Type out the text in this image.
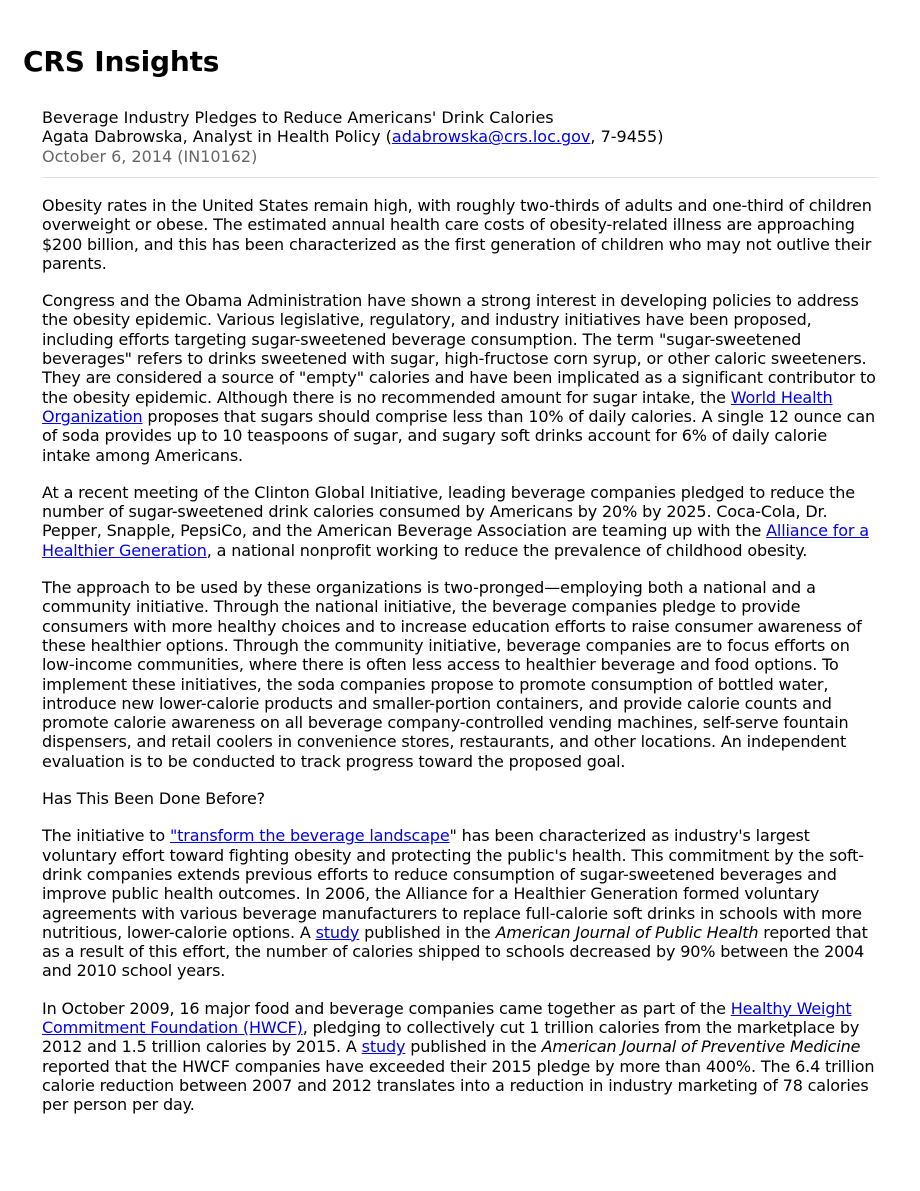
CRS Insights
Beverage Industry Pledges to Reduce Americans' Drink Calories
Agata Dabrowska, Analyst in Health Policy (adabrowska@crs.loc.gov, 7-9455)
October 6, 2014 (IN10162)

Obesity rates in the United States remain high, with roughly two-thirds of adults and one-third of children overweight or obese. The estimated annual health care costs of obesity-related illness are approaching $200 billion, and this has been characterized as the first generation of children who may not outlive their parents.

Congress and the Obama Administration have shown a strong interest in developing policies to address the obesity epidemic. Various legislative, regulatory, and industry initiatives have been proposed, including efforts targeting sugar-sweetened beverage consumption. The term "sugar-sweetened beverages" refers to drinks sweetened with sugar, high-fructose corn syrup, or other caloric sweeteners. They are considered a source of "empty" calories and have been implicated as a significant contributor to the obesity epidemic. Although there is no recommended amount for sugar intake, the World Health Organization proposes that sugars should comprise less than 10% of daily calories. A single 12 ounce can of soda provides up to 10 teaspoons of sugar, and sugary soft drinks account for 6% of daily calorie intake among Americans.

At a recent meeting of the Clinton Global Initiative, leading beverage companies pledged to reduce the number of sugar-sweetened drink calories consumed by Americans by 20% by 2025. Coca-Cola, Dr. Pepper, Snapple, PepsiCo, and the American Beverage Association are teaming up with the Alliance for a Healthier Generation, a national nonprofit working to reduce the prevalence of childhood obesity.

The approach to be used by these organizations is two-pronged—employing both a national and a community initiative. Through the national initiative, the beverage companies pledge to provide consumers with more healthy choices and to increase education efforts to raise consumer awareness of these healthier options. Through the community initiative, beverage companies are to focus efforts on low-income communities, where there is often less access to healthier beverage and food options. To implement these initiatives, the soda companies propose to promote consumption of bottled water, introduce new lower-calorie products and smaller-portion containers, and provide calorie counts and promote calorie awareness on all beverage company-controlled vending machines, self-serve fountain dispensers, and retail coolers in convenience stores, restaurants, and other locations. An independent evaluation is to be conducted to track progress toward the proposed goal.

Has This Been Done Before?

The initiative to "transform the beverage landscape" has been characterized as industry's largest voluntary effort toward fighting obesity and protecting the public's health. This commitment by the soft-drink companies extends previous efforts to reduce consumption of sugar-sweetened beverages and improve public health outcomes. In 2006, the Alliance for a Healthier Generation formed voluntary agreements with various beverage manufacturers to replace full-calorie soft drinks in schools with more nutritious, lower-calorie options. A study published in the American Journal of Public Health reported that as a result of this effort, the number of calories shipped to schools decreased by 90% between the 2004 and 2010 school years.

In October 2009, 16 major food and beverage companies came together as part of the Healthy Weight Commitment Foundation (HWCF), pledging to collectively cut 1 trillion calories from the marketplace by 2012 and 1.5 trillion calories by 2015. A study published in the American Journal of Preventive Medicine reported that the HWCF companies have exceeded their 2015 pledge by more than 400%. The 6.4 trillion calorie reduction between 2007 and 2012 translates into a reduction in industry marketing of 78 calories per person per day.
